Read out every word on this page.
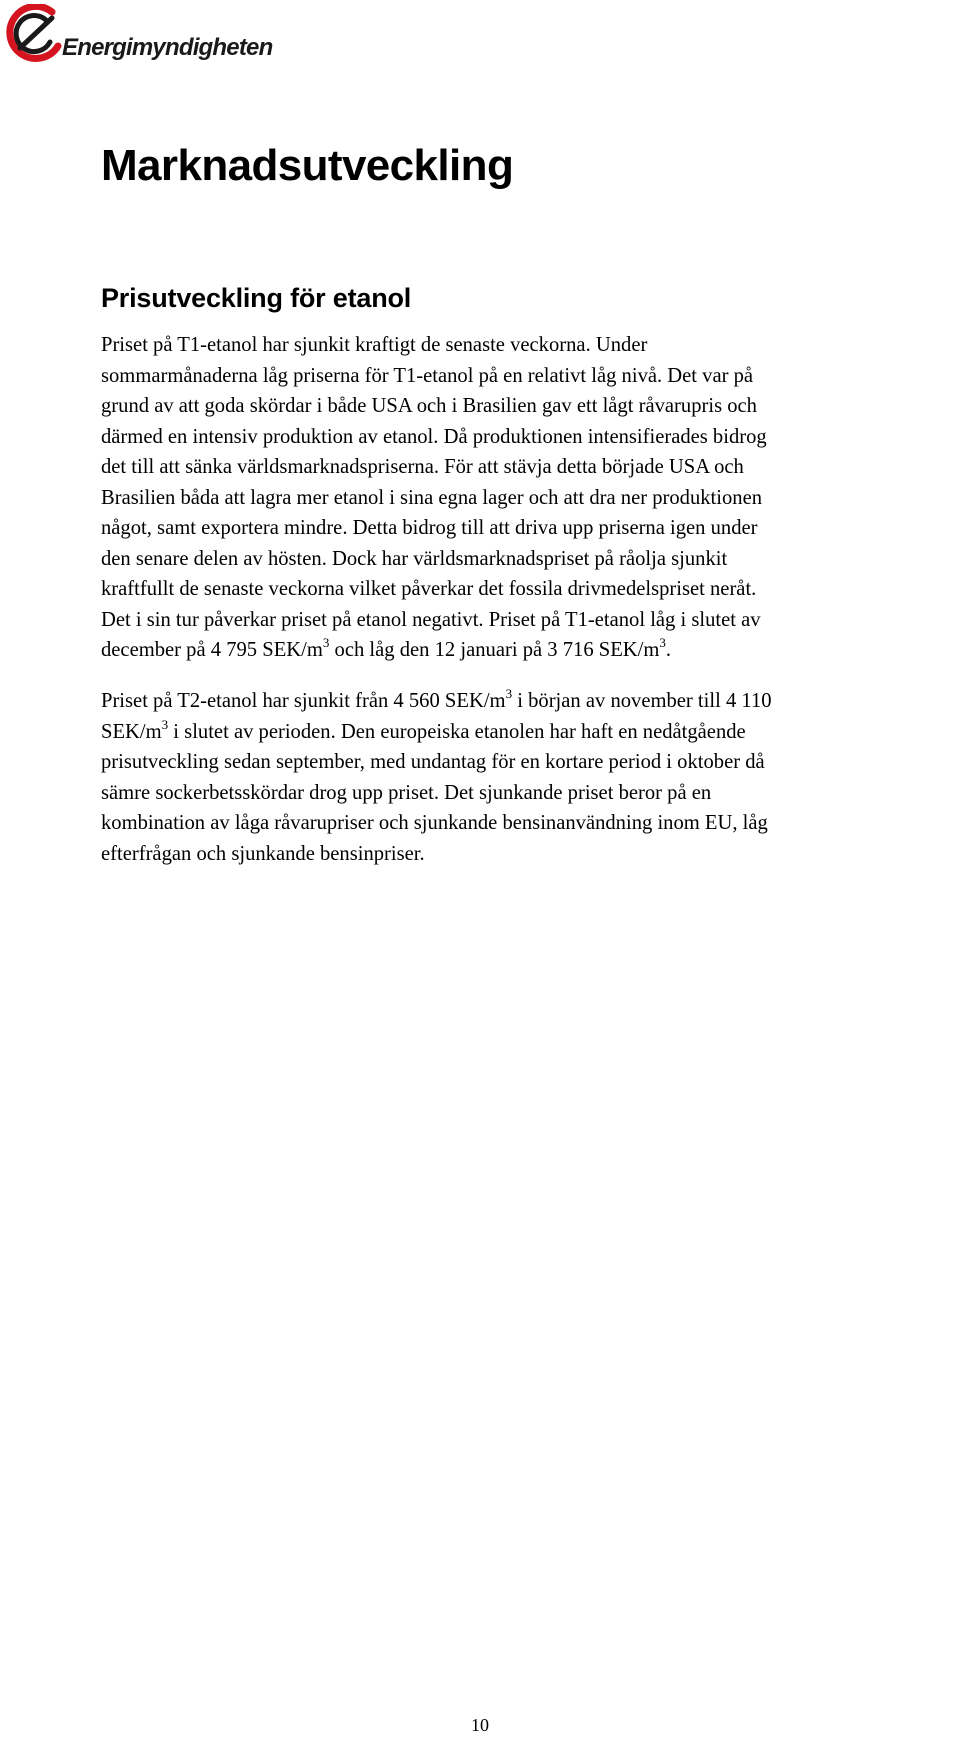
Energimyndigheten
Marknadsutveckling
Prisutveckling för etanol
Priset på T1-etanol har sjunkit kraftigt de senaste veckorna. Under
sommarmånaderna låg priserna för T1-etanol på en relativt låg nivå. Det var på
grund av att goda skördar i både USA och i Brasilien gav ett lågt råvarupris och
därmed en intensiv produktion av etanol. Då produktionen intensifierades bidrog
det till att sänka världsmarknadspriserna. För att stävja detta började USA och
Brasilien båda att lagra mer etanol i sina egna lager och att dra ner produktionen
något, samt exportera mindre. Detta bidrog till att driva upp priserna igen under
den senare delen av hösten. Dock har världsmarknadspriset på råolja sjunkit
kraftfullt de senaste veckorna vilket påverkar det fossila drivmedelspriset neråt.
Det i sin tur påverkar priset på etanol negativt. Priset på T1-etanol låg i slutet av
december på 4 795 SEK/$m^3$ och låg den 12 januari på 3 716 SEK/$m^3$.
Priset på T2-etanol har sjunkit från 4 560 SEK/$m^3$ i början av november till 4 110
SEK/$m^3$ i slutet av perioden. Den europeiska etanolen har haft en nedåtgående
prisutveckling sedan september, med undantag för en kortare period i oktober då
sämre sockerbetsskördar drog upp priset. Det sjunkande priset beror på en
kombination av låga råvarupriser och sjunkande bensinanvändning inom EU, låg
efterfrågan och sjunkande bensinpriser.
10
